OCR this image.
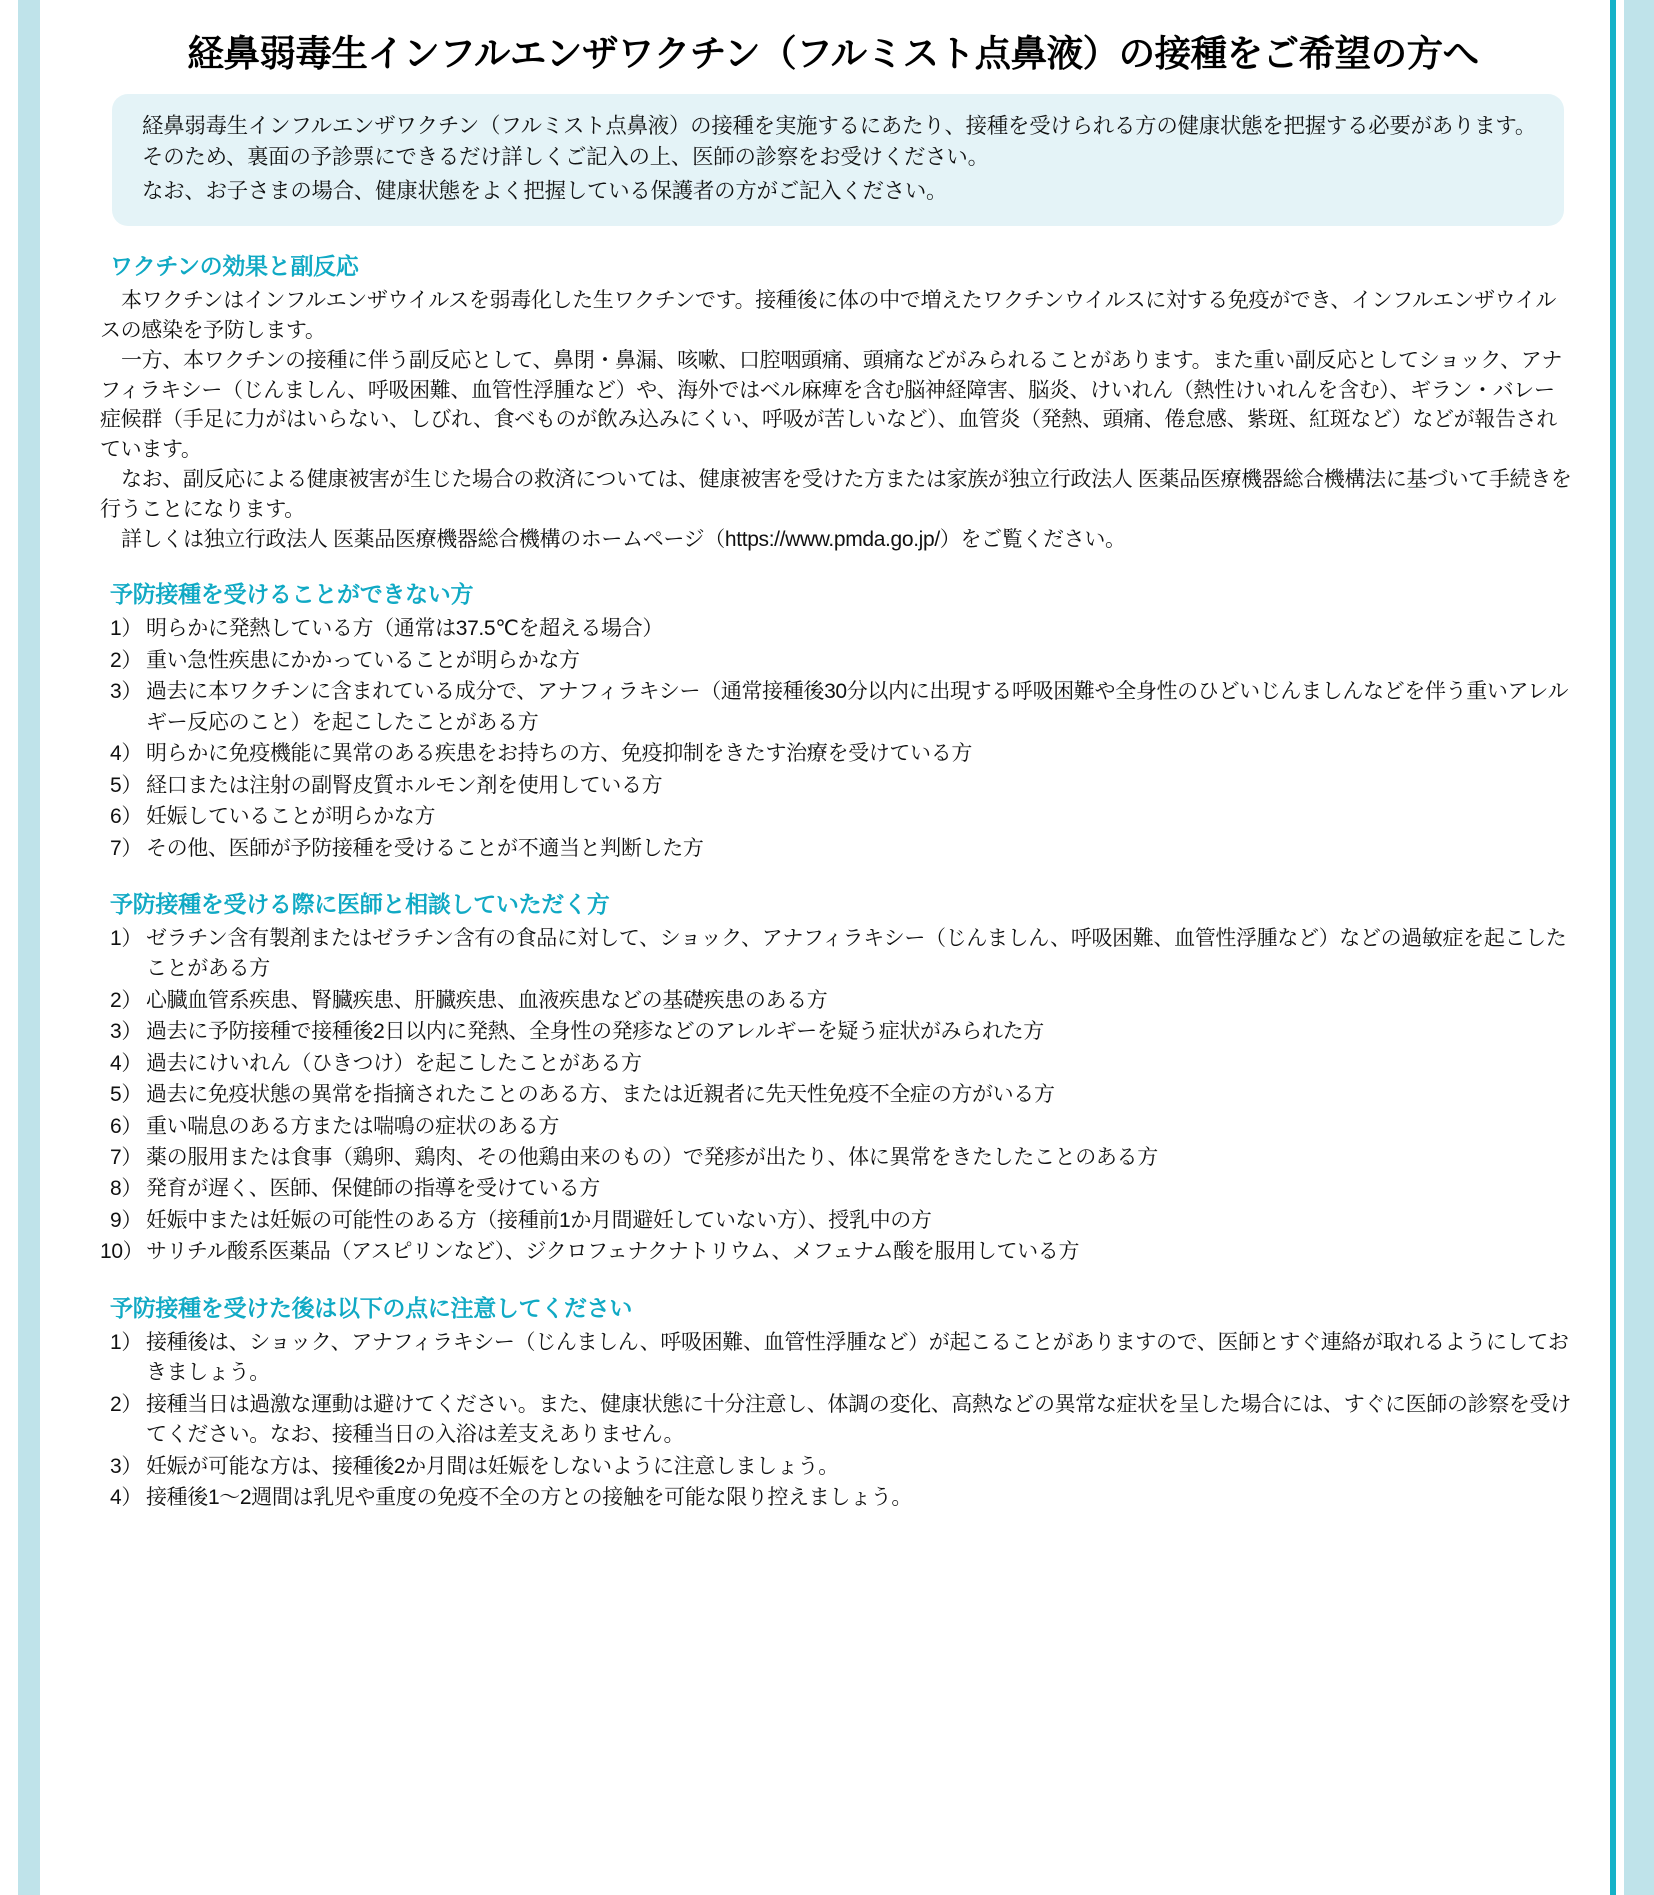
経鼻弱毒生インフルエンザワクチン（フルミスト点鼻液）の接種をご希望の方へ

経鼻弱毒生インフルエンザワクチン（フルミスト点鼻液）の接種を実施するにあたり、接種を受けられる方の健康状態を把握する必要があります。そのため、裏面の予診票にできるだけ詳しくご記入の上、医師の診察をお受けください。

なお、お子さまの場合、健康状態をよく把握している保護者の方がご記入ください。

ワクチンの効果と副反応

本ワクチンはインフルエンザウイルスを弱毒化した生ワクチンです。接種後に体の中で増えたワクチンウイルスに対する免疫ができ、インフルエンザウイルスの感染を予防します。

一方、本ワクチンの接種に伴う副反応として、鼻閉・鼻漏、咳嗽、口腔咽頭痛、頭痛などがみられることがあります。また重い副反応としてショック、アナフィラキシー（じんましん、呼吸困難、血管性浮腫など）や、海外ではベル麻痺を含む脳神経障害、脳炎、けいれん（熱性けいれんを含む）、ギラン・バレー症候群（手足に力がはいらない、しびれ、食べものが飲み込みにくい、呼吸が苦しいなど）、血管炎（発熱、頭痛、倦怠感、紫斑、紅斑など）などが報告されています。

なお、副反応による健康被害が生じた場合の救済については、健康被害を受けた方または家族が独立行政法人 医薬品医療機器総合機構法に基づいて手続きを行うことになります。

詳しくは独立行政法人 医薬品医療機器総合機構のホームページ（https://www.pmda.go.jp/）をご覧ください。

予防接種を受けることができない方
1） 明らかに発熱している方（通常は37.5℃を超える場合）
2） 重い急性疾患にかかっていることが明らかな方
3） 過去に本ワクチンに含まれている成分で、アナフィラキシー（通常接種後30分以内に出現する呼吸困難や全身性のひどいじんましんなどを伴う重いアレルギー反応のこと）を起こしたことがある方
4） 明らかに免疫機能に異常のある疾患をお持ちの方、免疫抑制をきたす治療を受けている方
5） 経口または注射の副腎皮質ホルモン剤を使用している方
6） 妊娠していることが明らかな方
7） その他、医師が予防接種を受けることが不適当と判断した方
予防接種を受ける際に医師と相談していただく方
1） ゼラチン含有製剤またはゼラチン含有の食品に対して、ショック、アナフィラキシー（じんましん、呼吸困難、血管性浮腫など）などの過敏症を起こしたことがある方
2） 心臓血管系疾患、腎臓疾患、肝臓疾患、血液疾患などの基礎疾患のある方
3） 過去に予防接種で接種後2日以内に発熱、全身性の発疹などのアレルギーを疑う症状がみられた方
4） 過去にけいれん（ひきつけ）を起こしたことがある方
5） 過去に免疫状態の異常を指摘されたことのある方、または近親者に先天性免疫不全症の方がいる方
6） 重い喘息のある方または喘鳴の症状のある方
7） 薬の服用または食事（鶏卵、鶏肉、その他鶏由来のもの）で発疹が出たり、体に異常をきたしたことのある方
8） 発育が遅く、医師、保健師の指導を受けている方
9） 妊娠中または妊娠の可能性のある方（接種前1か月間避妊していない方）、授乳中の方
10） サリチル酸系医薬品（アスピリンなど）、ジクロフェナクナトリウム、メフェナム酸を服用している方
予防接種を受けた後は以下の点に注意してください
1） 接種後は、ショック、アナフィラキシー（じんましん、呼吸困難、血管性浮腫など）が起こることがありますので、医師とすぐ連絡が取れるようにしておきましょう。
2） 接種当日は過激な運動は避けてください。また、健康状態に十分注意し、体調の変化、高熱などの異常な症状を呈した場合には、すぐに医師の診察を受けてください。なお、接種当日の入浴は差支えありません。
3） 妊娠が可能な方は、接種後2か月間は妊娠をしないように注意しましょう。
4） 接種後1〜2週間は乳児や重度の免疫不全の方との接触を可能な限り控えましょう。
